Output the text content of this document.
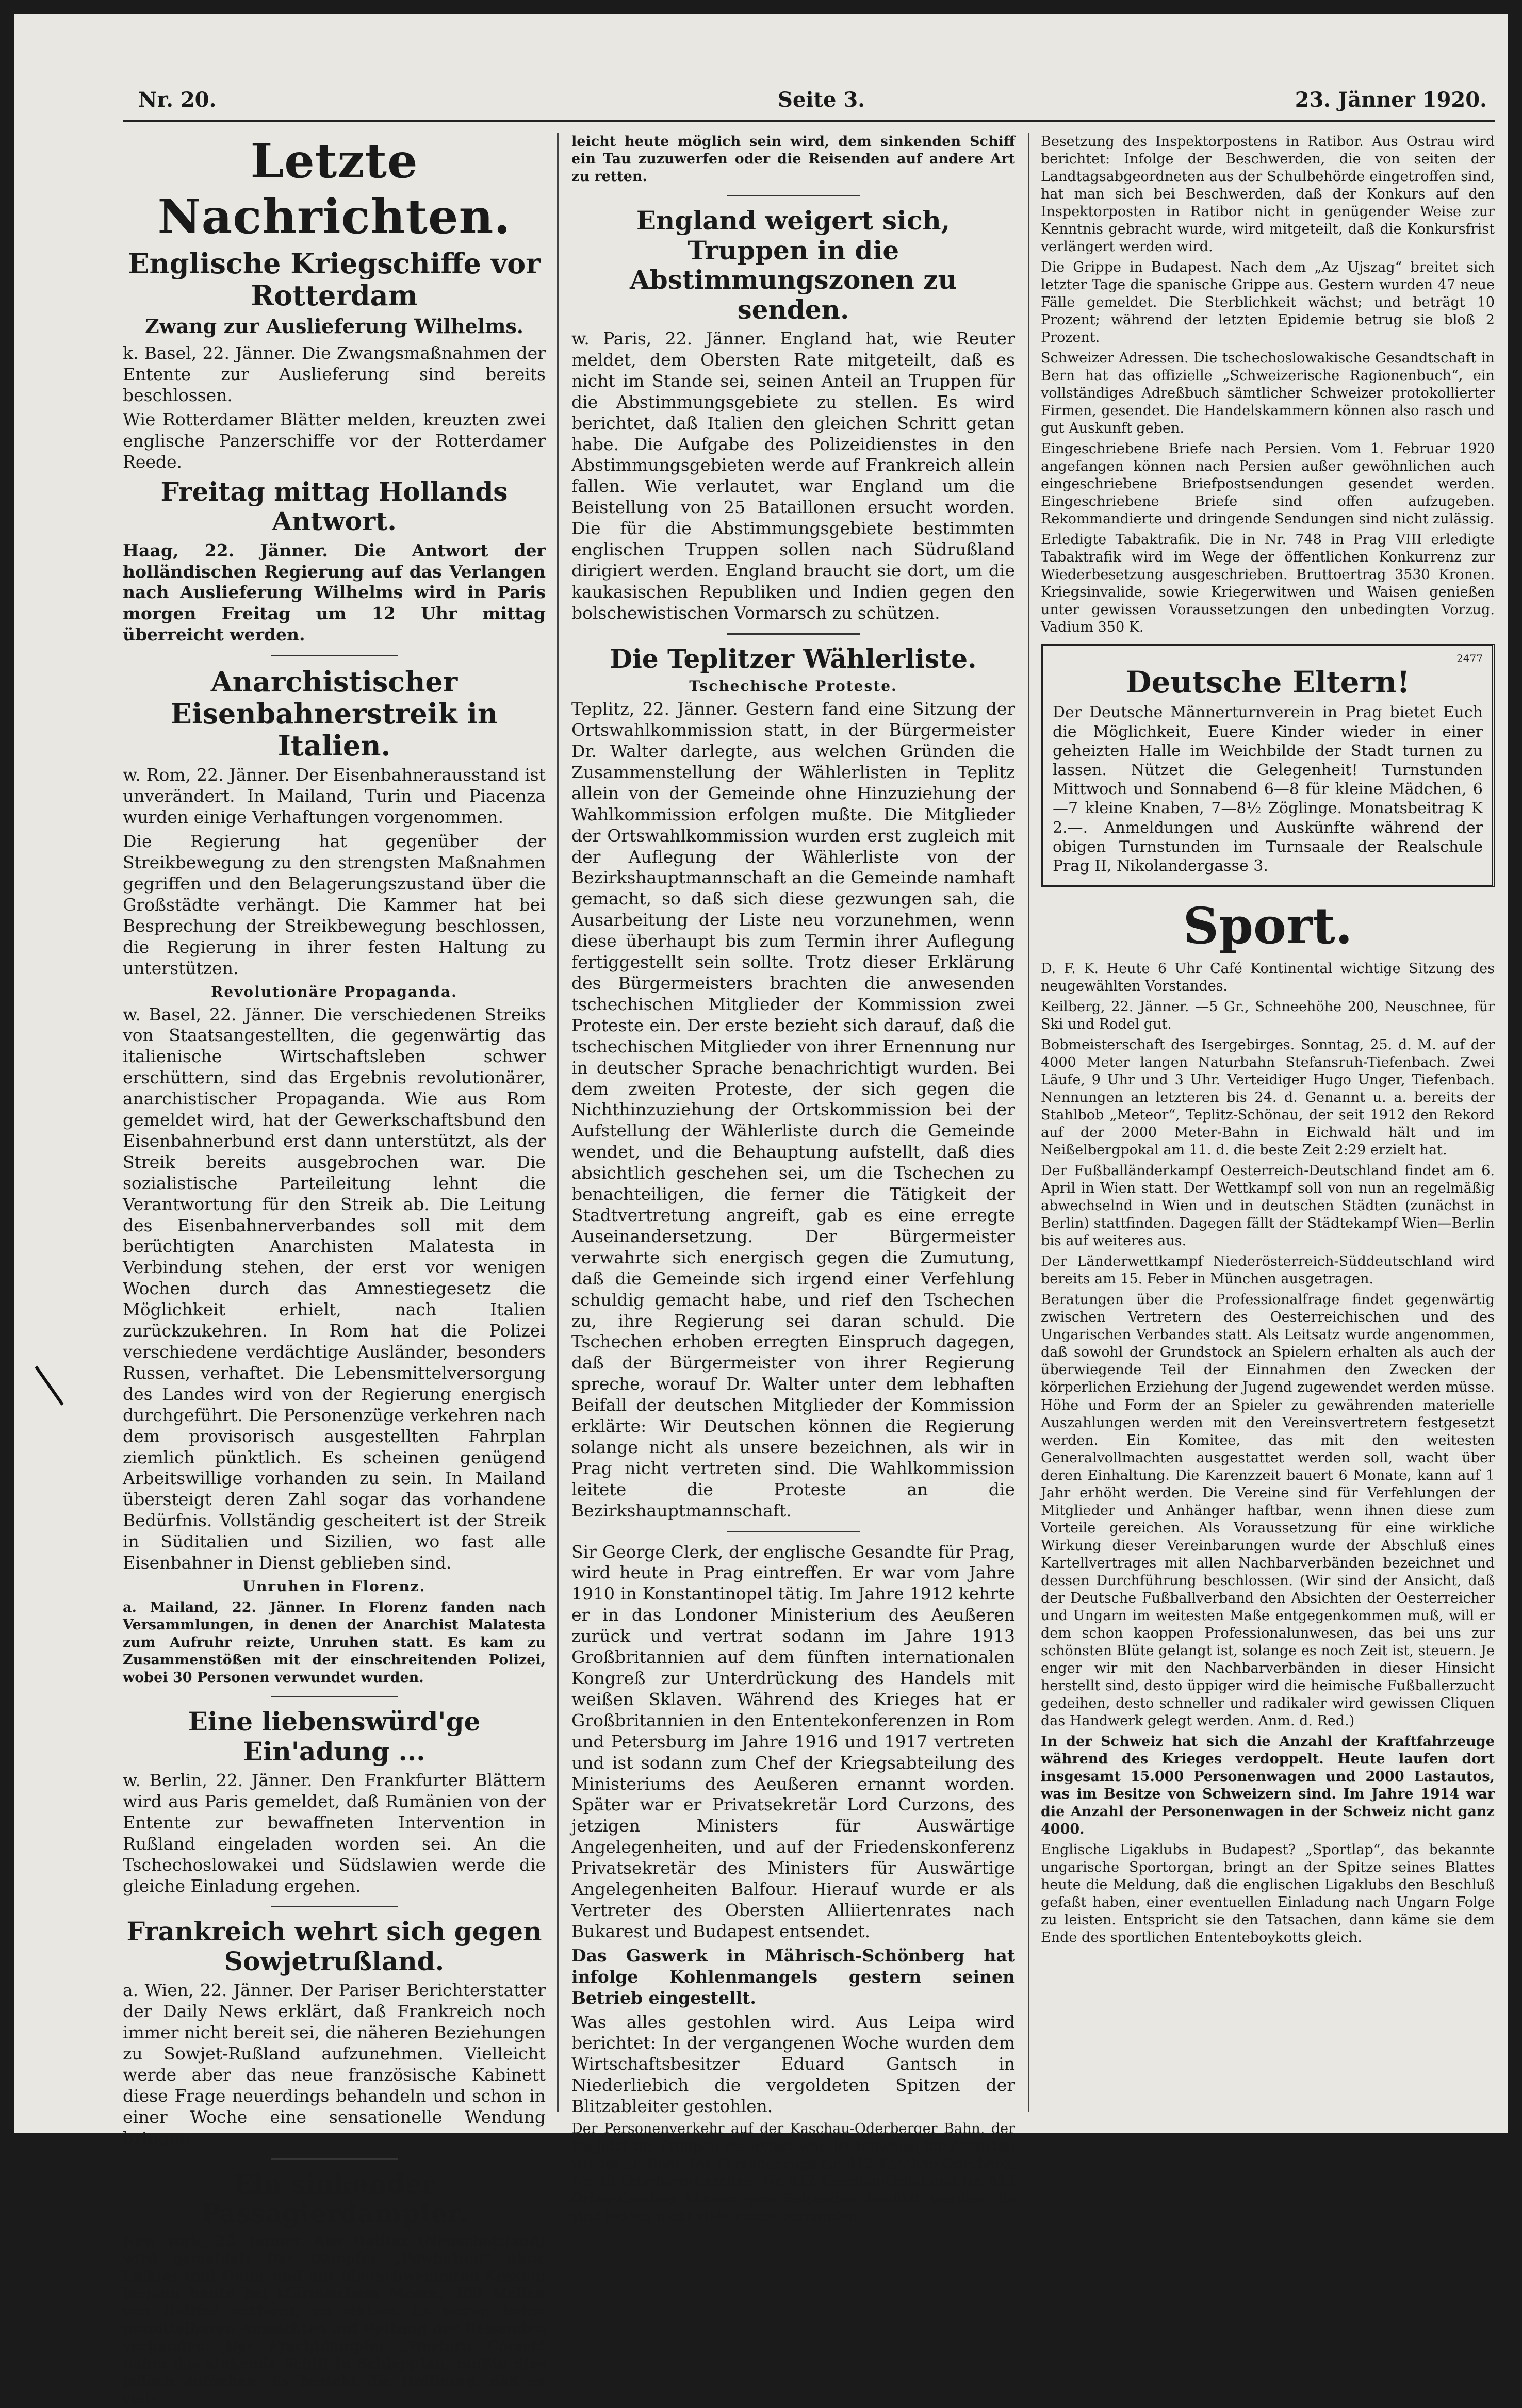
Nr. 20.	Seite 3.	23. Jänner 1920.
Letzte Nachrichten.
Englische Kriegschiffe vor Rotterdam
Zwang zur Auslieferung Wilhelms.

k. Basel, 22. Jänner. Die Zwangsmaßnahmen der Entente zur Auslieferung sind bereits beschlossen.

Wie Rotterdamer Blätter melden, kreuzten zwei englische Panzerschiffe vor der Rotterdamer Reede.

Freitag mittag Hollands Antwort.

Haag, 22. Jänner. Die Antwort der holländischen Regierung auf das Verlangen nach Auslieferung Wilhelms wird in Paris morgen Freitag um 12 Uhr mittag überreicht werden.

Anarchistischer Eisenbahnerstreik in Italien.

w. Rom, 22. Jänner. Der Eisenbahnerausstand ist unverändert. In Mailand, Turin und Piacenza wurden einige Verhaftungen vorgenommen.

Die Regierung hat gegenüber der Streikbewegung zu den strengsten Maßnahmen gegriffen und den Belagerungszustand über die Großstädte verhängt. Die Kammer hat bei Besprechung der Streikbewegung beschlossen, die Regierung in ihrer festen Haltung zu unterstützen.

Revolutionäre Propaganda.

w. Basel, 22. Jänner. Die verschiedenen Streiks von Staatsangestellten, die gegenwärtig das italienische Wirtschaftsleben schwer erschüttern, sind das Ergebnis revolutionärer, anarchistischer Propaganda. Wie aus Rom gemeldet wird, hat der Gewerkschaftsbund den Eisenbahnerbund erst dann unterstützt, als der Streik bereits ausgebrochen war. Die sozialistische Parteileitung lehnt die Verantwortung für den Streik ab. Die Leitung des Eisenbahnerverbandes soll mit dem berüchtigten Anarchisten Malatesta in Verbindung stehen, der erst vor wenigen Wochen durch das Amnestiegesetz die Möglichkeit erhielt, nach Italien zurückzukehren. In Rom hat die Polizei verschiedene verdächtige Ausländer, besonders Russen, verhaftet. Die Lebensmittelversorgung des Landes wird von der Regierung energisch durchgeführt. Die Personenzüge verkehren nach dem provisorisch ausgestellten Fahrplan ziemlich pünktlich. Es scheinen genügend Arbeitswillige vorhanden zu sein. In Mailand übersteigt deren Zahl sogar das vorhandene Bedürfnis. Vollständig gescheitert ist der Streik in Süditalien und Sizilien, wo fast alle Eisenbahner in Dienst geblieben sind.

Unruhen in Florenz.

a. Mailand, 22. Jänner. In Florenz fanden nach Versammlungen, in denen der Anarchist Malatesta zum Aufruhr reizte, Unruhen statt. Es kam zu Zusammenstößen mit der einschreitenden Polizei, wobei 30 Personen verwundet wurden.

Eine liebenswürd'ge Ein'adung ...

w. Berlin, 22. Jänner. Den Frankfurter Blättern wird aus Paris gemeldet, daß Rumänien von der Entente zur bewaffneten Intervention in Rußland eingeladen worden sei. An die Tschechoslowakei und Südslawien werde die gleiche Einladung ergehen.

Frankreich wehrt sich gegen Sowjetrußland.

a. Wien, 22. Jänner. Der Pariser Berichterstatter der Daily News erklärt, daß Frankreich noch immer nicht bereit sei, die näheren Beziehungen zu Sowjet-Rußland aufzunehmen. Vielleicht werde aber das neue französische Kabinett diese Frage neuerdings behandeln und schon in einer Woche eine sensationelle Wendung bringen.

Ein sinkender Passagierdampfer.

New York, 22. Jänner. Aus Halifax (Neuschottland) wird gemeldet: Der Dampfer „Powhatten“ ohne Lichter und Feuer und mit überschwemmten Kesseln begann heute bei stürmischem Meere, 300 Meilen von Halifax entfernt, zu sinken. Es waren keine unmittelbaren Aussichten auf Rettung der Reisenden vorhanden. Der Frachtdampfer „Western Comet“ nahm das sinkende Schiff in Schlepptau, mußte dies jedoch aufgeben. Es besteht die Hoffnung, daß es viel-

leicht heute möglich sein wird, dem sinkenden Schiff ein Tau zuzuwerfen oder die Reisenden auf andere Art zu retten.

England weigert sich, Truppen in die Abstimmungszonen zu senden.

w. Paris, 22. Jänner. England hat, wie Reuter meldet, dem Obersten Rate mitgeteilt, daß es nicht im Stande sei, seinen Anteil an Truppen für die Abstimmungsgebiete zu stellen. Es wird berichtet, daß Italien den gleichen Schritt getan habe. Die Aufgabe des Polizeidienstes in den Abstimmungsgebieten werde auf Frankreich allein fallen. Wie verlautet, war England um die Beistellung von 25 Bataillonen ersucht worden. Die für die Abstimmungsgebiete bestimmten englischen Truppen sollen nach Südrußland dirigiert werden. England braucht sie dort, um die kaukasischen Republiken und Indien gegen den bolschewistischen Vormarsch zu schützen.

Die Teplitzer Wählerliste.
Tschechische Proteste.

Teplitz, 22. Jänner. Gestern fand eine Sitzung der Ortswahlkommission statt, in der Bürgermeister Dr. Walter darlegte, aus welchen Gründen die Zusammenstellung der Wählerlisten in Teplitz allein von der Gemeinde ohne Hinzuziehung der Wahlkommission erfolgen mußte. Die Mitglieder der Ortswahlkommission wurden erst zugleich mit der Auflegung der Wählerliste von der Bezirkshauptmannschaft an die Gemeinde namhaft gemacht, so daß sich diese gezwungen sah, die Ausarbeitung der Liste neu vorzunehmen, wenn diese überhaupt bis zum Termin ihrer Auflegung fertiggestellt sein sollte. Trotz dieser Erklärung des Bürgermeisters brachten die anwesenden tschechischen Mitglieder der Kommission zwei Proteste ein. Der erste bezieht sich darauf, daß die tschechischen Mitglieder von ihrer Ernennung nur in deutscher Sprache benachrichtigt wurden. Bei dem zweiten Proteste, der sich gegen die Nichthinzuziehung der Ortskommission bei der Aufstellung der Wählerliste durch die Gemeinde wendet, und die Behauptung aufstellt, daß dies absichtlich geschehen sei, um die Tschechen zu benachteiligen, die ferner die Tätigkeit der Stadtvertretung angreift, gab es eine erregte Auseinandersetzung. Der Bürgermeister verwahrte sich energisch gegen die Zumutung, daß die Gemeinde sich irgend einer Verfehlung schuldig gemacht habe, und rief den Tschechen zu, ihre Regierung sei daran schuld. Die Tschechen erhoben erregten Einspruch dagegen, daß der Bürgermeister von ihrer Regierung spreche, worauf Dr. Walter unter dem lebhaften Beifall der deutschen Mitglieder der Kommission erklärte: Wir Deutschen können die Regierung solange nicht als unsere bezeichnen, als wir in Prag nicht vertreten sind. Die Wahlkommission leitete die Proteste an die Bezirkshauptmannschaft.

Sir George Clerk, der englische Gesandte für Prag, wird heute in Prag eintreffen. Er war vom Jahre 1910 in Konstantinopel tätig. Im Jahre 1912 kehrte er in das Londoner Ministerium des Aeußeren zurück und vertrat sodann im Jahre 1913 Großbritannien auf dem fünften internationalen Kongreß zur Unterdrückung des Handels mit weißen Sklaven. Während des Krieges hat er Großbritannien in den Ententekonferenzen in Rom und Petersburg im Jahre 1916 und 1917 vertreten und ist sodann zum Chef der Kriegsabteilung des Ministeriums des Aeußeren ernannt worden. Später war er Privatsekretär Lord Curzons, des jetzigen Ministers für Auswärtige Angelegenheiten, und auf der Friedenskonferenz Privatsekretär des Ministers für Auswärtige Angelegenheiten Balfour. Hierauf wurde er als Vertreter des Obersten Alliiertenrates nach Bukarest und Budapest entsendet.

Das Gaswerk in Mährisch-Schönberg hat infolge Kohlenmangels gestern seinen Betrieb eingestellt.

Was alles gestohlen wird. Aus Leipa wird berichtet: In der vergangenen Woche wurden dem Wirtschaftsbesitzer Eduard Gantsch in Niederliebich die vergoldeten Spitzen der Blitzableiter gestohlen.

Der Personenverkehr auf der Kaschau-Oderberger Bahn, der bis jetzt für Truppen reserviert war, ist teilweise für Zivilisten wieder eröffnet. Die Personenzüge Nr. 412 Kaschau-Oderberg, Nr. 13 Oderberg-Kaschau, Nr. 412 Kaschau-Orlau und Nr. 413 Orlau-Kaschau können von Reisenden benützt werden. Es sind jedoch nicht viele Plätze vorhanden.

Besetzung des Inspektorpostens in Ratibor. Aus Ostrau wird berichtet: Infolge der Beschwerden, die von seiten der Landtagsabgeordneten aus der Schulbehörde eingetroffen sind, hat man sich bei Beschwerden, daß der Konkurs auf den Inspektorposten in Ratibor nicht in genügender Weise zur Kenntnis gebracht wurde, wird mitgeteilt, daß die Konkursfrist verlängert werden wird.

Die Grippe in Budapest. Nach dem „Az Ujszag“ breitet sich letzter Tage die spanische Grippe aus. Gestern wurden 47 neue Fälle gemeldet. Die Sterblichkeit wächst; und beträgt 10 Prozent; während der letzten Epidemie betrug sie bloß 2 Prozent.

Schweizer Adressen. Die tschechoslowakische Gesandtschaft in Bern hat das offizielle „Schweizerische Ragionenbuch“, ein vollständiges Adreßbuch sämtlicher Schweizer protokollierter Firmen, gesendet. Die Handelskammern können also rasch und gut Auskunft geben.

Eingeschriebene Briefe nach Persien. Vom 1. Februar 1920 angefangen können nach Persien außer gewöhnlichen auch eingeschriebene Briefpostsendungen gesendet werden. Eingeschriebene Briefe sind offen aufzugeben. Rekommandierte und dringende Sendungen sind nicht zulässig.

Erledigte Tabaktrafik. Die in Nr. 748 in Prag VIII erledigte Tabaktrafik wird im Wege der öffentlichen Konkurrenz zur Wiederbesetzung ausgeschrieben. Bruttoertrag 3530 Kronen. Kriegsinvalide, sowie Kriegerwitwen und Waisen genießen unter gewissen Voraussetzungen den unbedingten Vorzug. Vadium 350 K.

2477
Deutsche Eltern!

Der Deutsche Männerturnverein in Prag bietet Euch die Möglichkeit, Euere Kinder wieder in einer geheizten Halle im Weichbilde der Stadt turnen zu lassen. Nützet die Gelegenheit! Turnstunden Mittwoch und Sonnabend 6—8 für kleine Mädchen, 6—7 kleine Knaben, 7—8½ Zöglinge. Monatsbeitrag K 2.—. Anmeldungen und Auskünfte während der obigen Turnstunden im Turnsaale der Realschule Prag II, Nikolandergasse 3.

Sport.

D. F. K. Heute 6 Uhr Café Kontinental wichtige Sitzung des neugewählten Vorstandes.

Keilberg, 22. Jänner. —5 Gr., Schneehöhe 200, Neuschnee, für Ski und Rodel gut.

Bobmeisterschaft des Isergebirges. Sonntag, 25. d. M. auf der 4000 Meter langen Naturbahn Stefansruh-Tiefenbach. Zwei Läufe, 9 Uhr und 3 Uhr. Verteidiger Hugo Unger, Tiefenbach. Nennungen an letzteren bis 24. d. Genannt u. a. bereits der Stahlbob „Meteor“, Teplitz-Schönau, der seit 1912 den Rekord auf der 2000 Meter-Bahn in Eichwald hält und im Neißelbergpokal am 11. d. die beste Zeit 2:29 erzielt hat.

Der Fußballänderkampf Oesterreich-Deutschland findet am 6. April in Wien statt. Der Wettkampf soll von nun an regelmäßig abwechselnd in Wien und in deutschen Städten (zunächst in Berlin) stattfinden. Dagegen fällt der Städtekampf Wien—Berlin bis auf weiteres aus.

Der Länderwettkampf Niederösterreich-Süddeutschland wird bereits am 15. Feber in München ausgetragen.

Beratungen über die Professionalfrage findet gegenwärtig zwischen Vertretern des Oesterreichischen und des Ungarischen Verbandes statt. Als Leitsatz wurde angenommen, daß sowohl der Grundstock an Spielern erhalten als auch der überwiegende Teil der Einnahmen den Zwecken der körperlichen Erziehung der Jugend zugewendet werden müsse. Höhe und Form der an Spieler zu gewährenden materielle Auszahlungen werden mit den Vereinsvertretern festgesetzt werden. Ein Komitee, das mit den weitesten Generalvollmachten ausgestattet werden soll, wacht über deren Einhaltung. Die Karenzzeit bauert 6 Monate, kann auf 1 Jahr erhöht werden. Die Vereine sind für Verfehlungen der Mitglieder und Anhänger haftbar, wenn ihnen diese zum Vorteile gereichen. Als Voraussetzung für eine wirkliche Wirkung dieser Vereinbarungen wurde der Abschluß eines Kartellvertrages mit allen Nachbarverbänden bezeichnet und dessen Durchführung beschlossen. (Wir sind der Ansicht, daß der Deutsche Fußballverband den Absichten der Oesterreicher und Ungarn im weitesten Maße entgegenkommen muß, will er dem schon kaoppen Professionalunwesen, das bei uns zur schönsten Blüte gelangt ist, solange es noch Zeit ist, steuern. Je enger wir mit den Nachbarverbänden in dieser Hinsicht herstellt sind, desto üppiger wird die heimische Fußballerzucht gedeihen, desto schneller und radikaler wird gewissen Cliquen das Handwerk gelegt werden. Anm. d. Red.)

In der Schweiz hat sich die Anzahl der Kraftfahrzeuge während des Krieges verdoppelt. Heute laufen dort insgesamt 15.000 Personenwagen und 2000 Lastautos, was im Besitze von Schweizern sind. Im Jahre 1914 war die Anzahl der Personenwagen in der Schweiz nicht ganz 4000.

Englische Ligaklubs in Budapest? „Sportlap“, das bekannte ungarische Sportorgan, bringt an der Spitze seines Blattes heute die Meldung, daß die englischen Ligaklubs den Beschluß gefaßt haben, einer eventuellen Einladung nach Ungarn Folge zu leisten. Entspricht sie den Tatsachen, dann käme sie dem Ende des sportlichen Ententeboykotts gleich.
